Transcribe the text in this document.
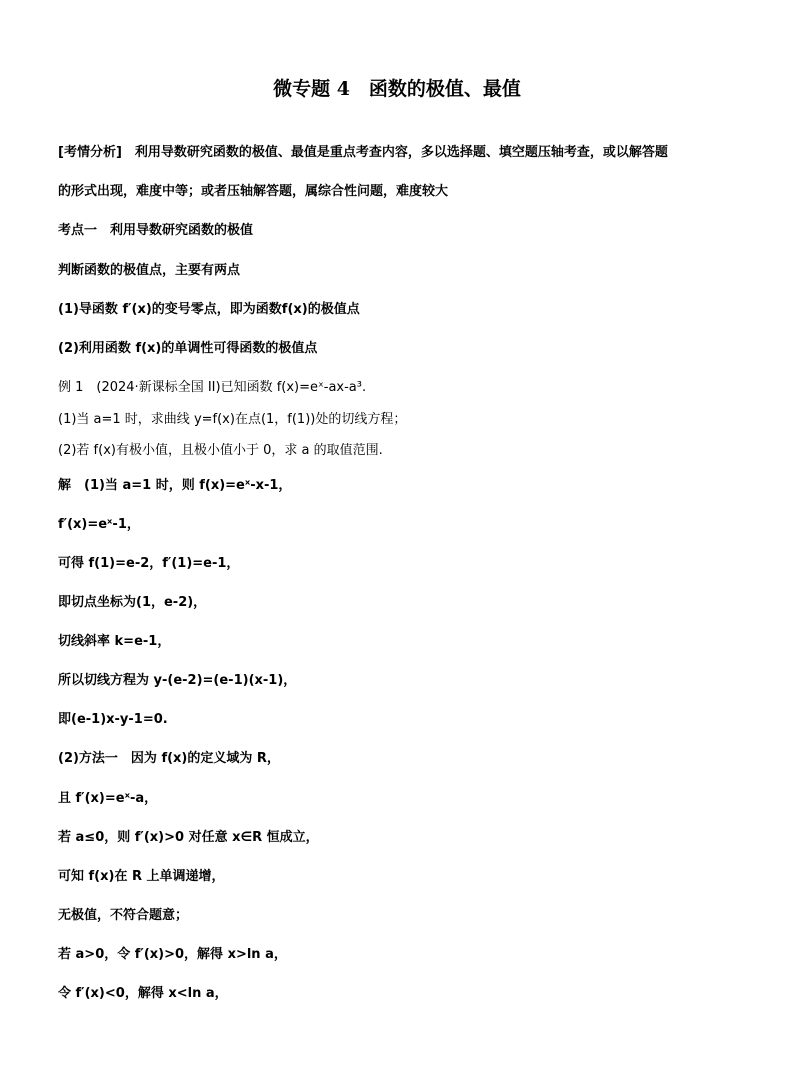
微专题 4　函数的极值、最值
[考情分析]　利用导数研究函数的极值、最值是重点考查内容，多以选择题、填空题压轴考查，或以解答题
的形式出现，难度中等；或者压轴解答题，属综合性问题，难度较大
考点一　利用导数研究函数的极值
判断函数的极值点，主要有两点
(1)导函数 f′(x)的变号零点，即为函数f(x)的极值点
(2)利用函数 f(x)的单调性可得函数的极值点
例 1　(2024·新课标全国 II)已知函数 f(x)=eˣ-ax-a³.
(1)当 a=1 时，求曲线 y=f(x)在点(1，f(1))处的切线方程；
(2)若 f(x)有极小值，且极小值小于 0，求 a 的取值范围.
解　(1)当 a=1 时，则 f(x)=eˣ-x-1，
f′(x)=eˣ-1，
可得 f(1)=e-2，f′(1)=e-1，
即切点坐标为(1，e-2)，
切线斜率 k=e-1，
所以切线方程为 y-(e-2)=(e-1)(x-1)，
即(e-1)x-y-1=0.
(2)方法一　因为 f(x)的定义域为 R，
且 f′(x)=eˣ-a，
若 a≤0，则 f′(x)>0 对任意 x∈R 恒成立，
可知 f(x)在 R 上单调递增，
无极值，不符合题意；
若 a>0，令 f′(x)>0，解得 x>ln a，
令 f′(x)<0，解得 x<ln a，
